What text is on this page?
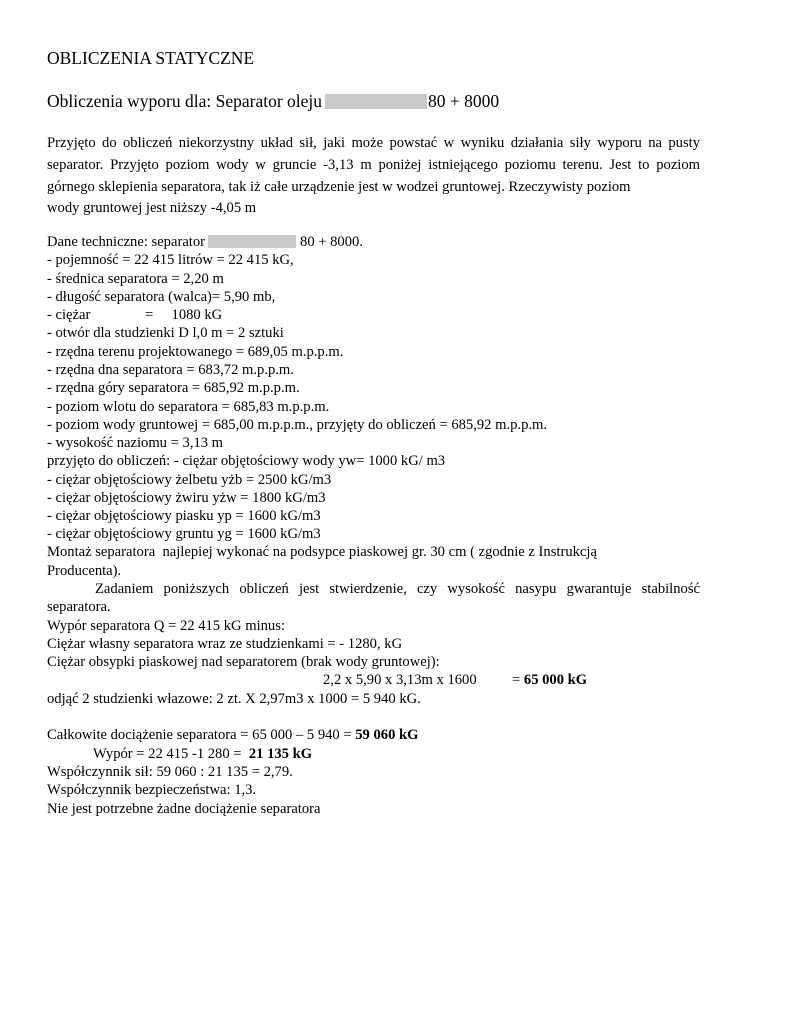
OBLICZENIA STATYCZNE
Obliczenia wyporu dla: Separator oleju	80 + 8000
Przyjęto do obliczeń niekorzystny układ sił, jaki może powstać w wyniku działania siły wyporu na pusty
separator. Przyjęto poziom wody w gruncie -3,13 m poniżej istniejącego poziomu terenu. Jest to poziom
górnego sklepienia separatora, tak iż całe urządzenie jest w wodzei gruntowej. Rzeczywisty poziom
wody gruntowej jest niższy -4,05 m
Dane techniczne: separator	80 + 8000.
- pojemność = 22 415 litrów = 22 415 kG,
- średnica separatora = 2,20 m
- długość separatora (walca)= 5,90 mb,
- ciężar               =     1080 kG
- otwór dla studzienki D l,0 m = 2 sztuki
- rzędna terenu projektowanego = 689,05 m.p.p.m.
- rzędna dna separatora = 683,72 m.p.p.m.
- rzędna góry separatora = 685,92 m.p.p.m.
- poziom wlotu do separatora = 685,83 m.p.p.m.
- poziom wody gruntowej = 685,00 m.p.p.m., przyjęty do obliczeń = 685,92 m.p.p.m.
- wysokość naziomu = 3,13 m
przyjęto do obliczeń: - ciężar objętościowy wody yw= 1000 kG/ m3
- ciężar objętościowy żelbetu yżb = 2500 kG/m3
- ciężar objętościowy żwiru yżw = 1800 kG/m3
- ciężar objętościowy piasku yp = 1600 kG/m3
- ciężar objętościowy gruntu yg = 1600 kG/m3
Montaż separatora  najlepiej wykonać na podsypce piaskowej gr. 30 cm ( zgodnie z Instrukcją
Producenta).
Zadaniem poniższych obliczeń jest stwierdzenie, czy wysokość nasypu gwarantuje stabilność
separatora.
Wypór separatora Q = 22 415 kG minus:
Ciężar własny separatora wraz ze studzienkami = - 1280, kG
Ciężar obsypki piaskowej nad separatorem (brak wody gruntowej):
2,2 x 5,90 x 3,13m x 1600 = 65 000 kG
odjąć 2 studzienki włazowe: 2 zt. X 2,97m3 x 1000 = 5 940 kG.
Całkowite dociążenie separatora = 65 000 – 5 940 = 59 060 kG
Wypór = 22 415 -1 280 =  21 135 kG
Współczynnik sił: 59 060 : 21 135 = 2,79.
Współczynnik bezpieczeństwa: 1,3.
Nie jest potrzebne żadne dociążenie separatora
